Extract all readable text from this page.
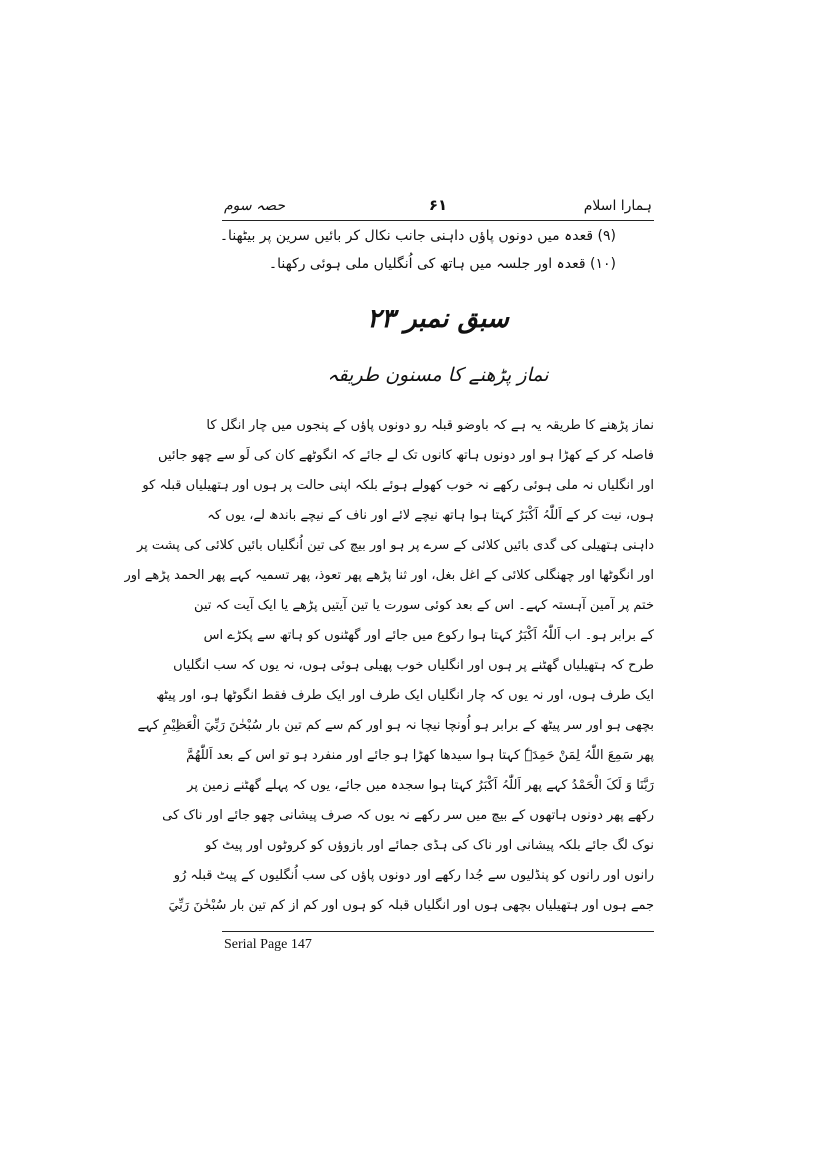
ہمارا اسلام
۶۱
حصہ سوم
(۹) قعدہ میں دونوں پاؤں داہنی جانب نکال کر بائیں سرین پر بیٹھنا۔
(۱۰) قعدہ اور جلسہ میں ہاتھ کی اُنگلیاں ملی ہوئی رکھنا۔
سبق نمبر ۲۳
نماز پڑھنے کا مسنون طریقہ
نماز پڑھنے کا طریقہ یہ ہے کہ باوضو قبلہ رو دونوں پاؤں کے پنجوں میں چار انگل کا
فاصلہ کر کے کھڑا ہو اور دونوں ہاتھ کانوں تک لے جائے کہ انگوٹھے کان کی لَو سے چھو جائیں
اور انگلیاں نہ ملی ہوئی رکھے نہ خوب کھولے ہوئے بلکہ اپنی حالت پر ہوں اور ہتھیلیاں قبلہ کو
ہوں، نیت کر کے اَللّٰہُ اَکْبَرُ کہتا ہوا ہاتھ نیچے لائے اور ناف کے نیچے باندھ لے، یوں کہ
داہنی ہتھیلی کی گدی بائیں کلائی کے سرے پر ہو اور بیچ کی تین اُنگلیاں بائیں کلائی کی پشت پر
اور انگوٹھا اور چھنگلی کلائی کے اغل بغل، اور ثنا پڑھے پھر تعوذ، پھر تسمیہ کہے پھر الحمد پڑھے اور
ختم پر آمین آہستہ کہے۔ اس کے بعد کوئی سورت یا تین آیتیں پڑھے یا ایک آیت کہ تین
کے برابر ہو۔ اب اَللّٰہُ اَکْبَرُ کہتا ہوا رکوع میں جائے اور گھٹنوں کو ہاتھ سے پکڑے اس
طرح کہ ہتھیلیاں گھٹنے پر ہوں اور انگلیاں خوب پھیلی ہوئی ہوں، نہ یوں کہ سب انگلیاں
ایک طرف ہوں، اور نہ یوں کہ چار انگلیاں ایک طرف اور ایک طرف فقط انگوٹھا ہو، اور پیٹھ
بچھی ہو اور سر پیٹھ کے برابر ہو اُونچا نیچا نہ ہو اور کم سے کم تین بار سُبْحٰنَ رَبِّيَ الْعَظِيْمِ کہے
پھر سَمِعَ اللّٰہُ لِمَنْ حَمِدَہٗ کہتا ہوا سیدھا کھڑا ہو جائے اور منفرد ہو تو اس کے بعد اَللّٰھُمَّ
رَبَّنَا وَ لَکَ الْحَمْدُ کہے پھر اَللّٰہُ اَکْبَرُ کہتا ہوا سجدہ میں جائے، یوں کہ پہلے گھٹنے زمین پر
رکھے پھر دونوں ہاتھوں کے بیچ میں سر رکھے نہ یوں کہ صرف پیشانی چھو جائے اور ناک کی
نوک لگ جائے بلکہ پیشانی اور ناک کی ہڈی جمائے اور بازوؤں کو کروٹوں اور پیٹ کو
رانوں اور رانوں کو پنڈلیوں سے جُدا رکھے اور دونوں پاؤں کی سب اُنگلیوں کے پیٹ قبلہ رُو
جمے ہوں اور ہتھیلیاں بچھی ہوں اور انگلیاں قبلہ کو ہوں اور کم از کم تین بار سُبْحٰنَ رَبِّيَ
Serial Page 147
